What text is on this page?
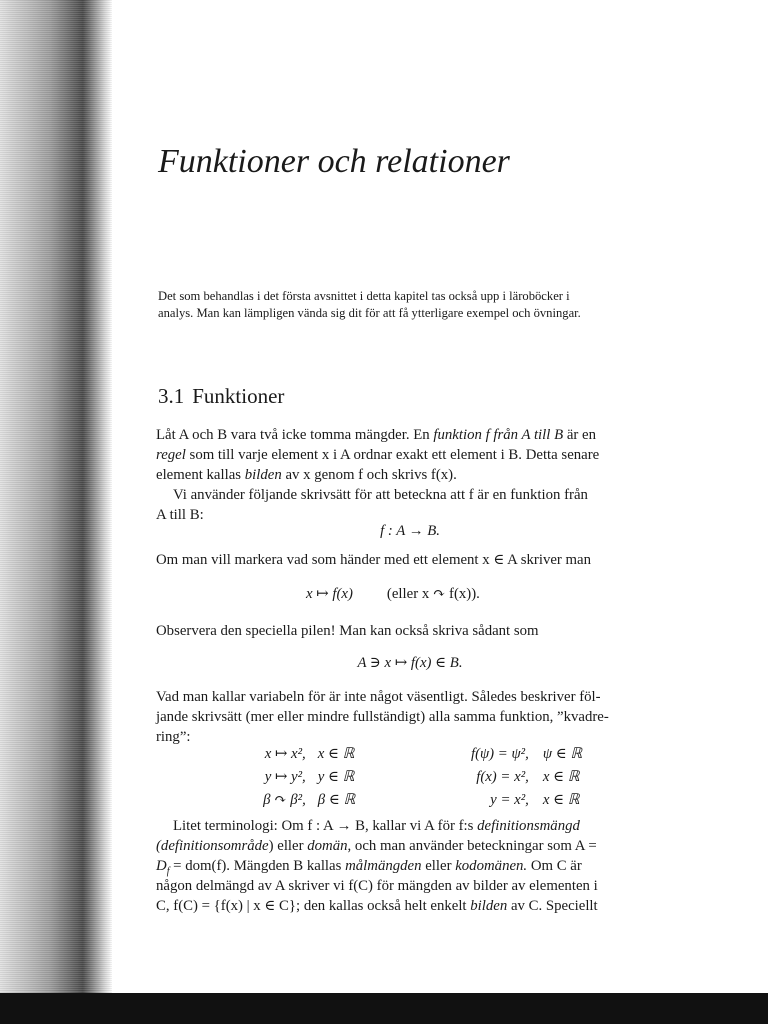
Funktioner och relationer

Det som behandlas i det första avsnittet i detta kapitel tas också upp i läroböcker i
analys. Man kan lämpligen vända sig dit för att få ytterligare exempel och övningar.

3.1 Funktioner
Låt A och B vara två icke tomma mängder. En funktion f från A till B är en
regel som till varje element x i A ordnar exakt ett element i B. Detta senare
element kallas bilden av x genom f och skrivs f(x).
Vi använder följande skrivsätt för att beteckna att f är en funktion från
A till B:
f : A → B.
Om man vill markera vad som händer med ett element x ∈ A skriver man
x ↦ f(x) (eller x ↷ f(x)).
Observera den speciella pilen! Man kan också skriva sådant som
A ∋ x ↦ f(x) ∈ B.
Vad man kallar variabeln för är inte något väsentligt. Således beskriver föl-
jande skrivsätt (mer eller mindre fullständigt) alla samma funktion, ”kvadre-
ring”:
x ↦ x², x ∈ ℝ	f(ψ) = ψ², ψ ∈ ℝ
y ↦ y², y ∈ ℝ	f(x) = x², x ∈ ℝ
β ↷ β², β ∈ ℝ	y = x², x ∈ ℝ
Litet terminologi: Om f : A → B, kallar vi A för f:s definitionsmängd
(definitionsområde) eller domän, och man använder beteckningar som A =
$D_f = dom(f)$. Mängden B kallas målmängden eller kodomänen. Om C är
någon delmängd av A skriver vi f(C) för mängden av bilder av elementen i
C, f(C) = {f(x) | x ∈ C}; den kallas också helt enkelt bilden av C. Speciellt
